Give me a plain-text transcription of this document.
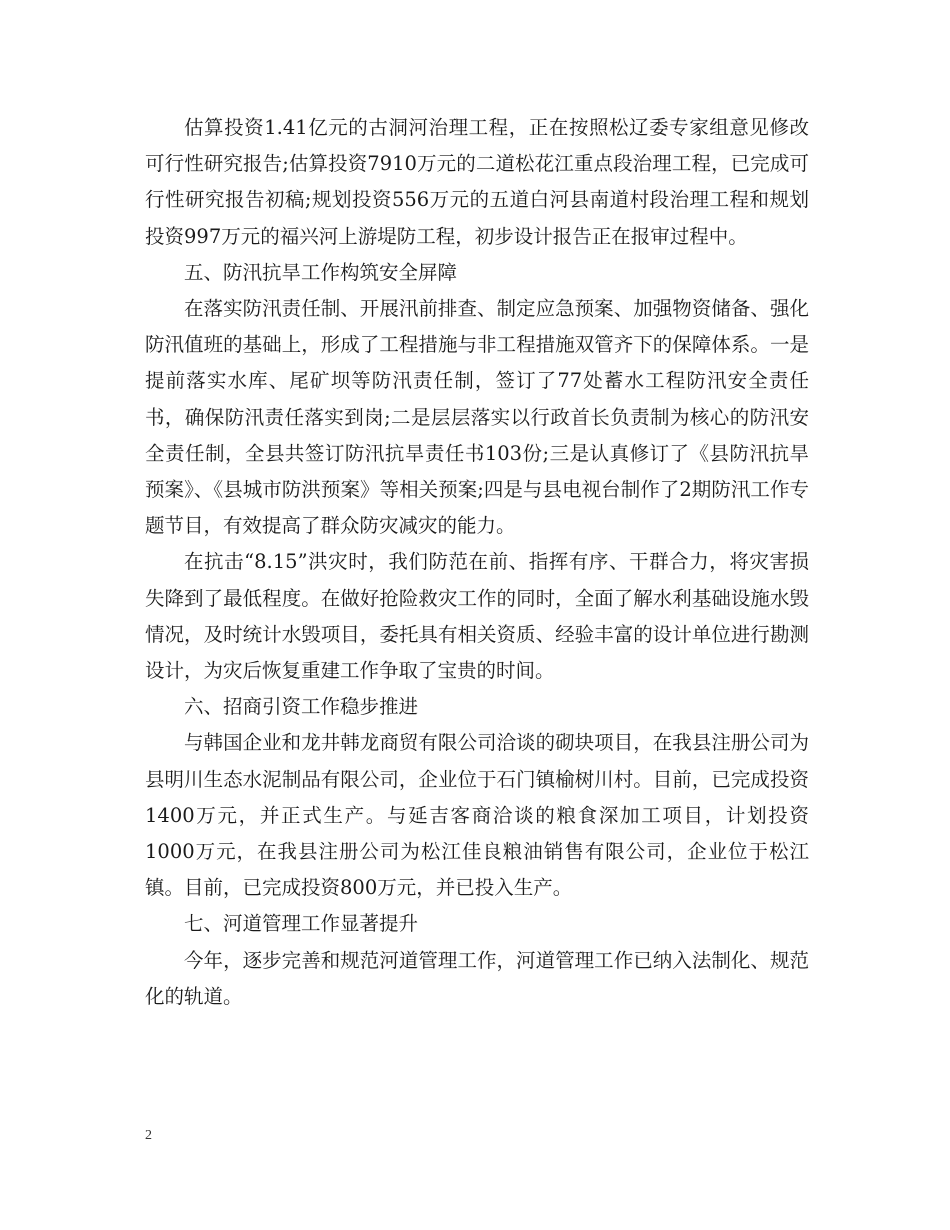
估算投资1.41亿元的古洞河治理工程，正在按照松辽委专家组意见修改可行性研究报告;估算投资7910万元的二道松花江重点段治理工程，已完成可行性研究报告初稿;规划投资556万元的五道白河县南道村段治理工程和规划投资997万元的福兴河上游堤防工程，初步设计报告正在报审过程中。

五、防汛抗旱工作构筑安全屏障

在落实防汛责任制、开展汛前排查、制定应急预案、加强物资储备、强化防汛值班的基础上，形成了工程措施与非工程措施双管齐下的保障体系。一是提前落实水库、尾矿坝等防汛责任制，签订了77处蓄水工程防汛安全责任书，确保防汛责任落实到岗;二是层层落实以行政首长负责制为核心的防汛安全责任制，全县共签订防汛抗旱责任书103份;三是认真修订了《县防汛抗旱预案》、《县城市防洪预案》等相关预案;四是与县电视台制作了2期防汛工作专题节目，有效提高了群众防灾减灾的能力。

在抗击“8.15”洪灾时，我们防范在前、指挥有序、干群合力，将灾害损失降到了最低程度。在做好抢险救灾工作的同时，全面了解水利基础设施水毁情况，及时统计水毁项目，委托具有相关资质、经验丰富的设计单位进行勘测设计，为灾后恢复重建工作争取了宝贵的时间。

六、招商引资工作稳步推进

与韩国企业和龙井韩龙商贸有限公司洽谈的砌块项目，在我县注册公司为县明川生态水泥制品有限公司，企业位于石门镇榆树川村。目前，已完成投资1400万元，并正式生产。与延吉客商洽谈的粮食深加工项目，计划投资1000万元，在我县注册公司为松江佳良粮油销售有限公司，企业位于松江镇。目前，已完成投资800万元，并已投入生产。

七、河道管理工作显著提升

今年，逐步完善和规范河道管理工作，河道管理工作已纳入法制化、规范化的轨道。

2
